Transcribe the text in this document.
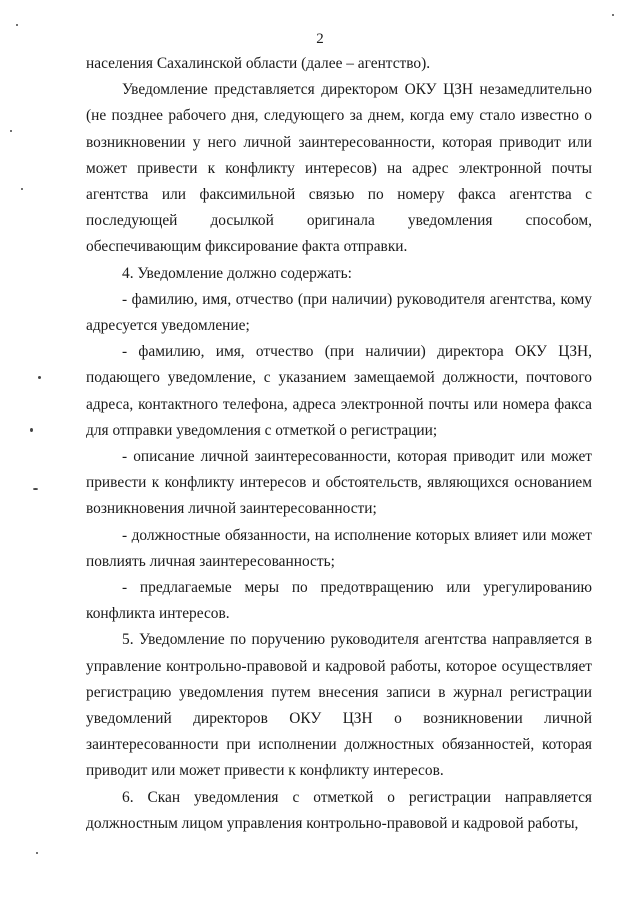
2

населения Сахалинской области (далее – агентство).

Уведомление представляется директором ОКУ ЦЗН незамедлительно (не позднее рабочего дня, следующего за днем, когда ему стало известно о возникновении у него личной заинтересованности, которая приводит или может привести к конфликту интересов) на адрес электронной почты агентства или факсимильной связью по номеру факса агентства с последующей досылкой оригинала уведомления способом, обеспечивающим фиксирование факта отправки.

4. Уведомление должно содержать:

- фамилию, имя, отчество (при наличии) руководителя агентства, кому адресуется уведомление;

- фамилию, имя, отчество (при наличии) директора ОКУ ЦЗН, подающего уведомление, с указанием замещаемой должности, почтового адреса, контактного телефона, адреса электронной почты или номера факса для отправки уведомления с отметкой о регистрации;

- описание личной заинтересованности, которая приводит или может привести к конфликту интересов и обстоятельств, являющихся основанием возникновения личной заинтересованности;

- должностные обязанности, на исполнение которых влияет или может повлиять личная заинтересованность;

- предлагаемые меры по предотвращению или урегулированию конфликта интересов.

5. Уведомление по поручению руководителя агентства направляется в управление контрольно-правовой и кадровой работы, которое осуществляет регистрацию уведомления путем внесения записи в журнал регистрации уведомлений директоров ОКУ ЦЗН о возникновении личной заинтересованности при исполнении должностных обязанностей, которая приводит или может привести к конфликту интересов.

6. Скан уведомления с отметкой о регистрации направляется должностным лицом управления контрольно-правовой и кадровой работы,
